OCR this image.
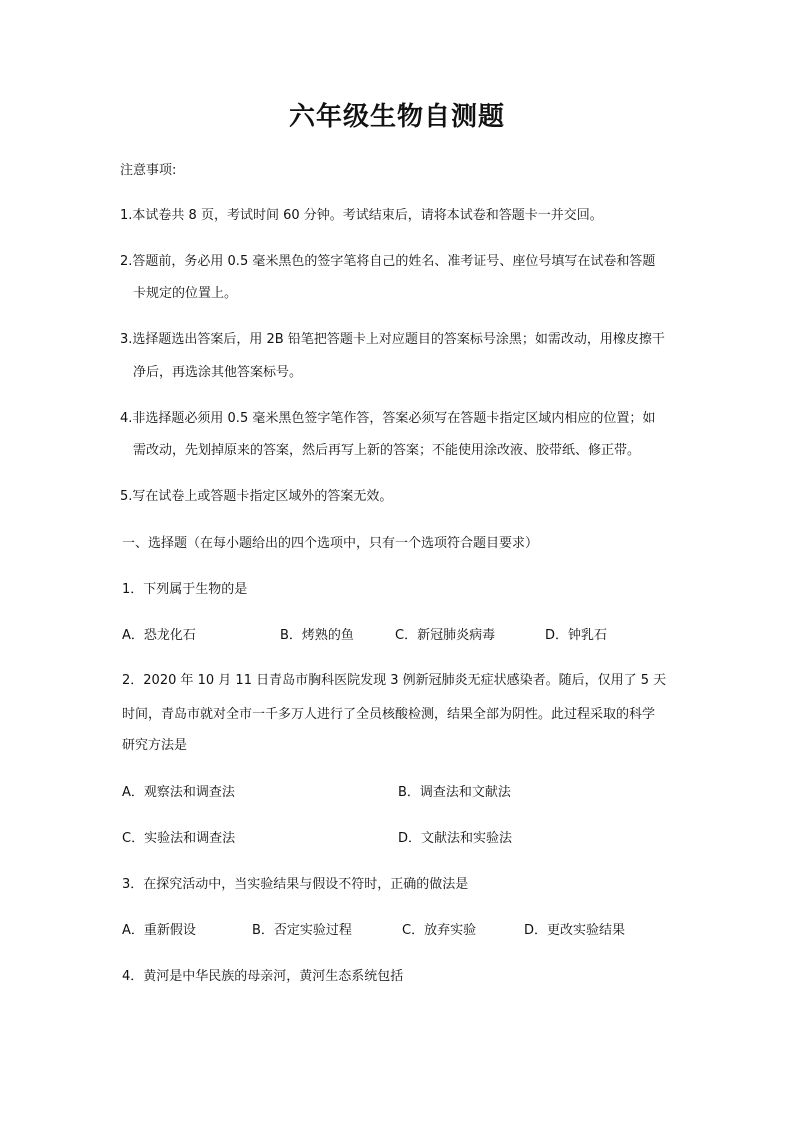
六年级生物自测题
注意事项:
1.本试卷共 8 页，考试时间 60 分钟。考试结束后，请将本试卷和答题卡一并交回。
2.答题前，务必用 0.5 毫米黑色的签字笔将自己的姓名、准考证号、座位号填写在试卷和答题
卡规定的位置上。
3.选择题选出答案后，用 2B 铅笔把答题卡上对应题目的答案标号涂黑；如需改动，用橡皮擦干
净后，再选涂其他答案标号。
4.非选择题必须用 0.5 毫米黑色签字笔作答，答案必须写在答题卡指定区域内相应的位置；如
需改动，先划掉原来的答案，然后再写上新的答案；不能使用涂改液、胶带纸、修正带。
5.写在试卷上或答题卡指定区域外的答案无效。
一、选择题（在每小题给出的四个选项中，只有一个选项符合题目要求）
1．下列属于生物的是
A．恐龙化石	B．烤熟的鱼	C．新冠肺炎病毒	D．钟乳石
2．2020 年 10 月 11 日青岛市胸科医院发现 3 例新冠肺炎无症状感染者。随后，仅用了 5 天
时间，青岛市就对全市一千多万人进行了全员核酸检测，结果全部为阴性。此过程采取的科学
研究方法是
A．观察法和调查法	B．调查法和文献法
C．实验法和调查法	D．文献法和实验法
3．在探究活动中，当实验结果与假设不符时，正确的做法是
A．重新假设	B．否定实验过程	C．放弃实验	D．更改实验结果
4．黄河是中华民族的母亲河，黄河生态系统包括
